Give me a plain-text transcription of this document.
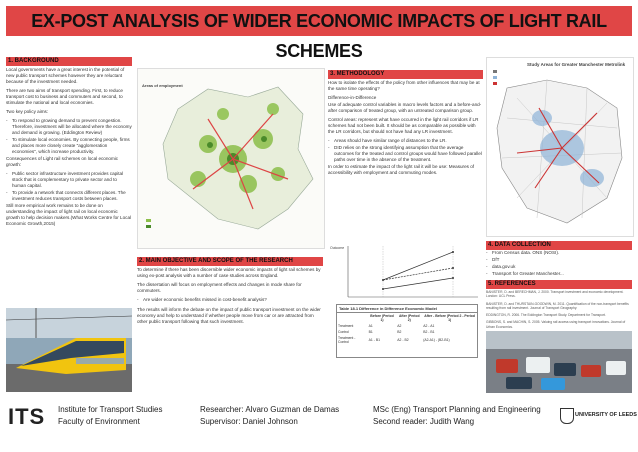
EX-POST ANALYSIS OF WIDER ECONOMIC IMPACTS OF LIGHT RAIL SCHEMES
1. BACKGROUND

Local governments have a great interest in the potential of new public transport schemes however they are reluctant because of the investment needed.

There are two aims of transport spending. First, to reduce transport cost to business and commuters and second, to stimulate the national and local economies.

Two key policy aims:

- To respond to growing demand to prevent congestion. Therefore, investment will be allocated where the economy and demand is growing. (Eddington Review)
- To stimulate local economies. By connecting people, firms and places more closely create "agglomeration economies", which increase productivity.

Consequences of Light rail schemes on local economic growth:

- Public sector infrastructure investment provides capital stock that is complementary to private sector and to human capital.
- To provide a network that connects different places. The investment reduces transport costs between places.

Still more empirical work remains to be done on understanding the impact of light rail on local economic growth to help decision makers.(What Works Centre for Local Economic Growth,2015)

Areas of employment
3. METHODOLOGY

How to isolate the effects of the policy from other influences that may be at the same time operating?

Difference-in-Difference

Use of adequate control variables in macro levels factors and a before-and-after comparison of treated group, with an untreated comparison group.

Control areas: represent what have occurred in the light rail corridors if LR schemes had not been built. It should be as comparable as possible with the LR corridors, but should not have had any LR investment.

- Areas should have similar range of distances to the LR.
- DID relies on the strong identifying assumption that the average outcomes for the treated and control groups would have followed parallel paths over time in the absence of the treatment.

In order to estimate the impact of the light rail it will be use: Measures of accessibility with employment and commuting modes.

Study Areas for Greater Manchester Metrolink
2. MAIN OBJECTIVE AND SCOPE OF THE RESEARCH

To determine if there has been discernible wider economic impacts of light rail schemes by using ex-post analysis with a number of case studies across England.

The dissertation will focus on employment effects and changes in mode share for commuters.

- Are wider economic benefits missed in cost-benefit analysis?

The results will inform the debate on the impact of public transport investment on the wider economy and help to understand if whether people move from car or are attracted from other public transport following that such investment.

Outcome
Table 18.1 Difference in Difference Economic Model
	Before (Period 1)	After (Period 2)	After - Before (Period 2 - Period 1)
Treatment	A1	A2	A2 - A1
Control	B1	B2	B2 - B1
Treatment - Control	A1 - B1	A2 - B2	(A2-A1) - (B2-B1)
4. DATA COLLECTION
- From Census data. ONS (NOSI).
- DfT
- data.gov.uk
- Transport for Greater Manchester...
5. REFERENCES

BANISTER, D. and BERECHMAN, J. 2000. Transport investment and economic development. London: UCL Press.

BANISTER, D. and THURSTAIN-GOODWIN, M. 2011. Quantification of the non-transport benefits resulting from rail investment. Journal of Transport Geography.

EDDINGTON, R. 2006. The Eddington Transport Study. Department for Transport.

GIBBONS, S. and MACHIN, S. 2005. Valuing rail access using transport innovations. Journal of Urban Economics.

ITS Institute for Transport Studies
Faculty of Environment
Researcher: Alvaro Guzman de Damas
Supervisor: Daniel Johnson
MSc (Eng) Transport Planning and Engineering
Second reader: Judith Wang
UNIVERSITY OF LEEDS
